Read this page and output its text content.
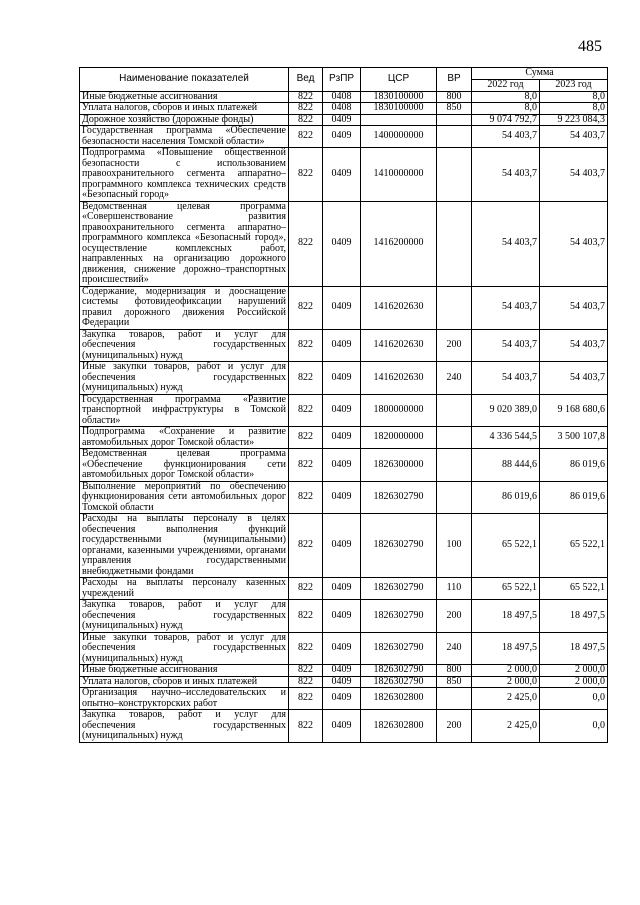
485
Наименование показателей	Вед	РзПР	ЦСР	ВР	Сумма	
					2022 год	2023 год
Иные бюджетные ассигнования	822	0408	1830100000	800	8,0	8,0
Уплата налогов, сборов и иных платежей	822	0408	1830100000	850	8,0	8,0
Дорожное хозяйство (дорожные фонды)	822	0409			9 074 792,7	9 223 084,3
Государственная программа «Обеспечение безопасности населения Томской области»	822	0409	1400000000		54 403,7	54 403,7
Подпрограмма «Повышение общественной безопасности с использованием правоохранительного сегмента аппаратно–программного комплекса технических средств «Безопасный город»	822	0409	1410000000		54 403,7	54 403,7
Ведомственная целевая программа «Совершенствование развития правоохранительного сегмента аппаратно–программного комплекса «Безопасный город», осуществление комплексных работ, направленных на организацию дорожного движения, снижение дорожно–транспортных происшествий»	822	0409	1416200000		54 403,7	54 403,7
Содержание, модернизация и дооснащение системы фотовидеофиксации нарушений правил дорожного движения Российской Федерации	822	0409	1416202630		54 403,7	54 403,7
Закупка товаров, работ и услуг для обеспечения государственных (муниципальных) нужд	822	0409	1416202630	200	54 403,7	54 403,7
Иные закупки товаров, работ и услуг для обеспечения государственных (муниципальных) нужд	822	0409	1416202630	240	54 403,7	54 403,7
Государственная программа «Развитие транспортной инфраструктуры в Томской области»	822	0409	1800000000		9 020 389,0	9 168 680,6
Подпрограмма «Сохранение и развитие автомобильных дорог Томской области»	822	0409	1820000000		4 336 544,5	3 500 107,8
Ведомственная целевая программа «Обеспечение функционирования сети автомобильных дорог Томской области»	822	0409	1826300000		88 444,6	86 019,6
Выполнение мероприятий по обеспечению функционирования сети автомобильных дорог Томской области	822	0409	1826302790		86 019,6	86 019,6
Расходы на выплаты персоналу в целях обеспечения выполнения функций государственными (муниципальными) органами, казенными учреждениями, органами управления государственными внебюджетными фондами	822	0409	1826302790	100	65 522,1	65 522,1
Расходы на выплаты персоналу казенных учреждений	822	0409	1826302790	110	65 522,1	65 522,1
Закупка товаров, работ и услуг для обеспечения государственных (муниципальных) нужд	822	0409	1826302790	200	18 497,5	18 497,5
Иные закупки товаров, работ и услуг для обеспечения государственных (муниципальных) нужд	822	0409	1826302790	240	18 497,5	18 497,5
Иные бюджетные ассигнования	822	0409	1826302790	800	2 000,0	2 000,0
Уплата налогов, сборов и иных платежей	822	0409	1826302790	850	2 000,0	2 000,0
Организация научно–исследовательских и опытно–конструкторских работ	822	0409	1826302800		2 425,0	0,0
Закупка товаров, работ и услуг для обеспечения государственных (муниципальных) нужд	822	0409	1826302800	200	2 425,0	0,0
